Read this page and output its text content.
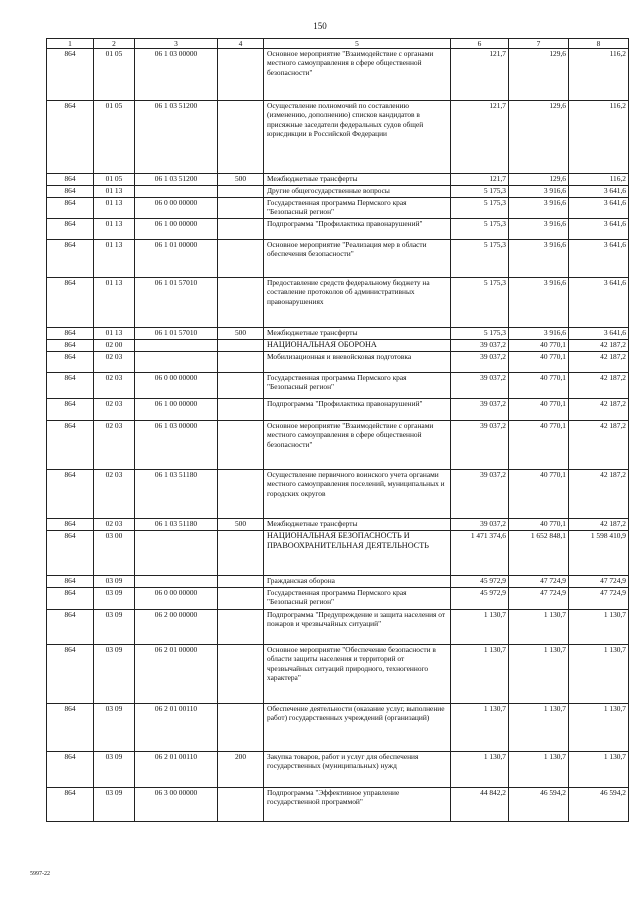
150
1	2	3	4	5	6	7	8
864	01 05	06 1 03 00000		Основное мероприятие "Взаимодействие с органами местного самоуправления в сфере общественной безопасности"	121,7	129,6	116,2
864	01 05	06 1 03 51200		Осуществление полномочий по составлению (изменению, дополнению) списков кандидатов в присяжные заседатели федеральных судов общей юрисдикции в Российской Федерации	121,7	129,6	116,2
864	01 05	06 1 03 51200	500	Межбюджетные трансферты	121,7	129,6	116,2
864	01 13			Другие общегосударственные вопросы	5 175,3	3 916,6	3 641,6
864	01 13	06 0 00 00000		Государственная программа Пермского края "Безопасный регион"	5 175,3	3 916,6	3 641,6
864	01 13	06 1 00 00000		Подпрограмма "Профилактика правонарушений"	5 175,3	3 916,6	3 641,6
864	01 13	06 1 01 00000		Основное мероприятие "Реализация мер в области обеспечения безопасности"	5 175,3	3 916,6	3 641,6
864	01 13	06 1 01 57010		Предоставление средств федеральному бюджету на составление протоколов об административных правонарушениях	5 175,3	3 916,6	3 641,6
864	01 13	06 1 01 57010	500	Межбюджетные трансферты	5 175,3	3 916,6	3 641,6
864	02 00			НАЦИОНАЛЬНАЯ ОБОРОНА	39 037,2	40 770,1	42 187,2
864	02 03			Мобилизационная и вневойсковая подготовка	39 037,2	40 770,1	42 187,2
864	02 03	06 0 00 00000		Государственная программа Пермского края "Безопасный регион"	39 037,2	40 770,1	42 187,2
864	02 03	06 1 00 00000		Подпрограмма "Профилактика правонарушений"	39 037,2	40 770,1	42 187,2
864	02 03	06 1 03 00000		Основное мероприятие "Взаимодействие с органами местного самоуправления в сфере общественной безопасности"	39 037,2	40 770,1	42 187,2
864	02 03	06 1 03 51180		Осуществление первичного воинского учета органами местного самоуправления поселений, муниципальных и городских округов	39 037,2	40 770,1	42 187,2
864	02 03	06 1 03 51180	500	Межбюджетные трансферты	39 037,2	40 770,1	42 187,2
864	03 00			НАЦИОНАЛЬНАЯ БЕЗОПАСНОСТЬ И ПРАВООХРАНИТЕЛЬНАЯ ДЕЯТЕЛЬНОСТЬ	1 471 374,6	1 652 848,1	1 598 410,9
864	03 09			Гражданская оборона	45 972,9	47 724,9	47 724,9
864	03 09	06 0 00 00000		Государственная программа Пермского края "Безопасный регион"	45 972,9	47 724,9	47 724,9
864	03 09	06 2 00 00000		Подпрограмма "Предупреждение и защита населения от пожаров и чрезвычайных ситуаций"	1 130,7	1 130,7	1 130,7
864	03 09	06 2 01 00000		Основное мероприятие "Обеспечение безопасности в области защиты населения и территорий от чрезвычайных ситуаций природного, техногенного характера"	1 130,7	1 130,7	1 130,7
864	03 09	06 2 01 00110		Обеспечение деятельности (оказание услуг, выполнение работ) государственных учреждений (организаций)	1 130,7	1 130,7	1 130,7
864	03 09	06 2 01 00110	200	Закупка товаров, работ и услуг для обеспечения государственных (муниципальных) нужд	1 130,7	1 130,7	1 130,7
864	03 09	06 3 00 00000		Подпрограмма "Эффективное управление государственной программой"	44 842,2	46 594,2	46 594,2
5997-22
